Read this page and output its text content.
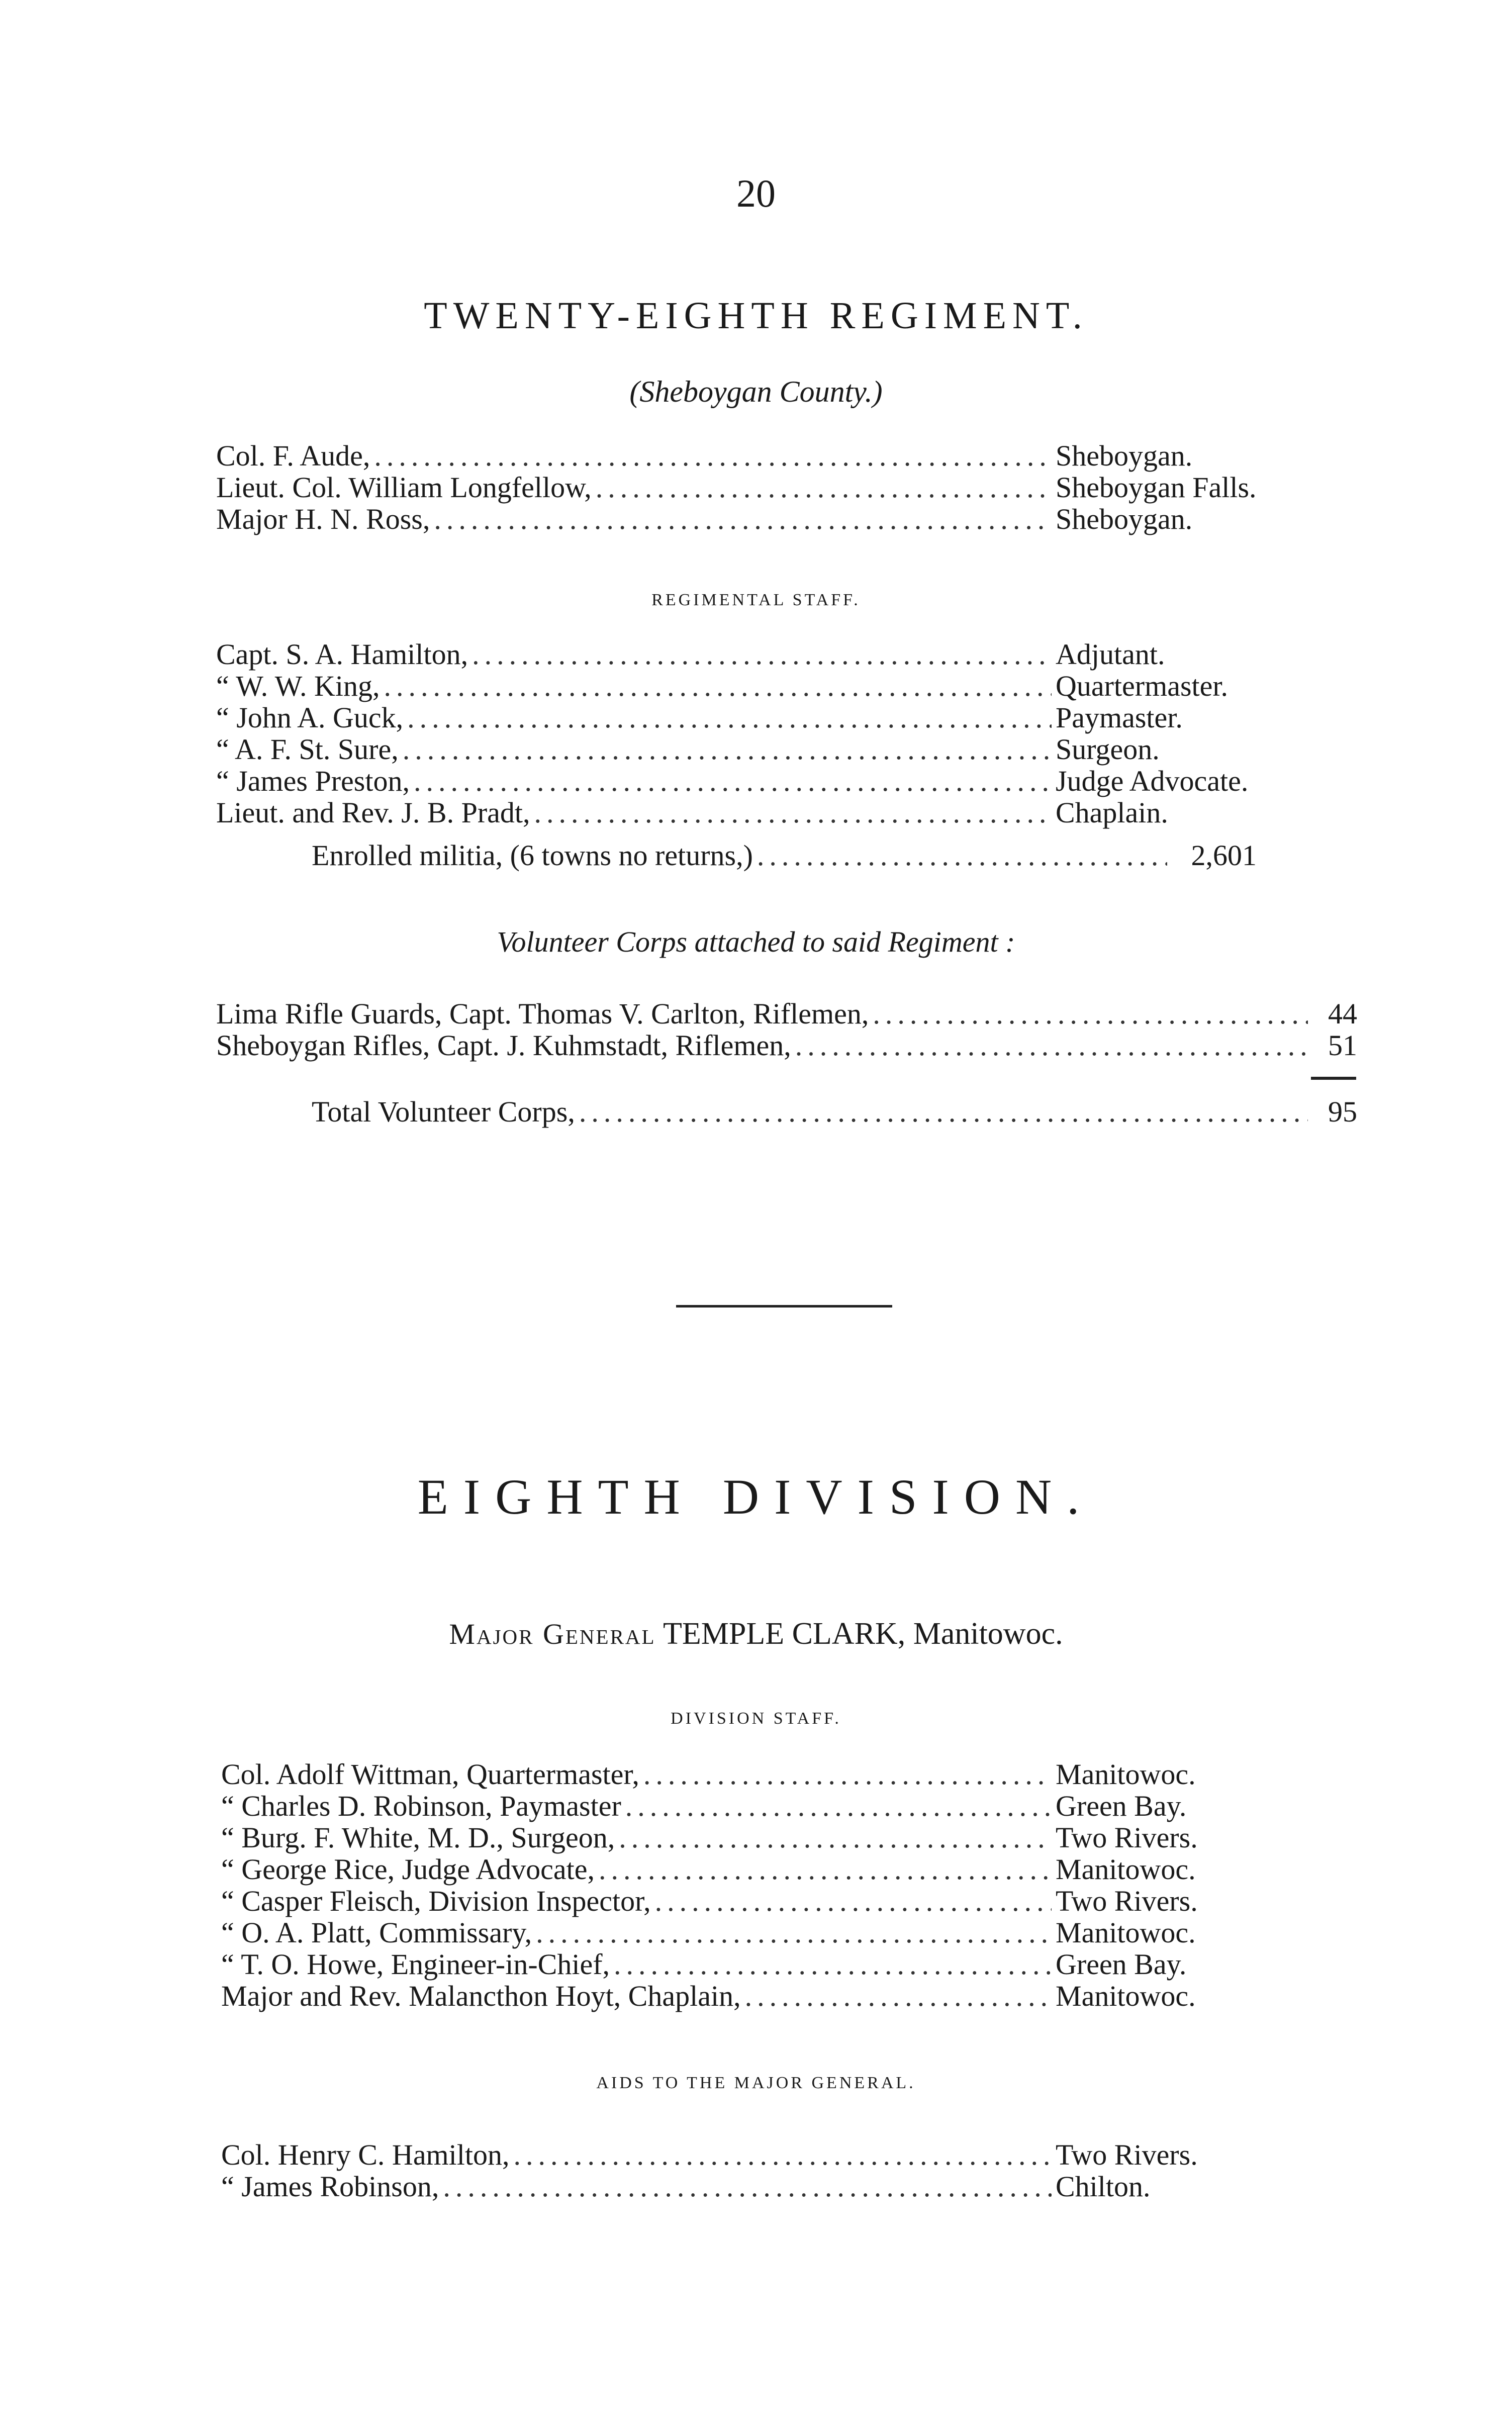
20
TWENTY-EIGHTH REGIMENT.
(Sheboygan County.)
Col. F. Aude, .....	Sheboygan.
Lieut. Col. William Longfellow, .....	Sheboygan Falls.
Major H. N. Ross, .....	Sheboygan.
REGIMENTAL STAFF.
Capt. S. A. Hamilton, .....	Adjutant.
“ W. W. King, .....	Quartermaster.
“ John A. Guck, .....	Paymaster.
“ A. F. St. Sure, .....	Surgeon.
“ James Preston, .....	Judge Advocate.
Lieut. and Rev. J. B. Pradt, .....	Chaplain.
Enrolled militia, (6 towns no returns,) .....	2,601
Volunteer Corps attached to said Regiment :
Lima Rifle Guards, Capt. Thomas V. Carlton, Riflemen, .....	44
Sheboygan Rifles, Capt. J. Kuhmstadt, Riflemen, .....	51
Total Volunteer Corps, .....	95
EIGHTH DIVISION.
Major General TEMPLE CLARK, Manitowoc.
DIVISION STAFF.
Col. Adolf Wittman, Quartermaster, .....	Manitowoc.
“ Charles D. Robinson, Paymaster .....	Green Bay.
“ Burg. F. White, M. D., Surgeon, .....	Two Rivers.
“ George Rice, Judge Advocate, .....	Manitowoc.
“ Casper Fleisch, Division Inspector, .....	Two Rivers.
“ O. A. Platt, Commissary, .....	Manitowoc.
“ T. O. Howe, Engineer-in-Chief, .....	Green Bay.
Major and Rev. Malancthon Hoyt, Chaplain, .....	Manitowoc.
AIDS TO THE MAJOR GENERAL.
Col. Henry C. Hamilton, .....	Two Rivers.
“ James Robinson, .....	Chilton.
